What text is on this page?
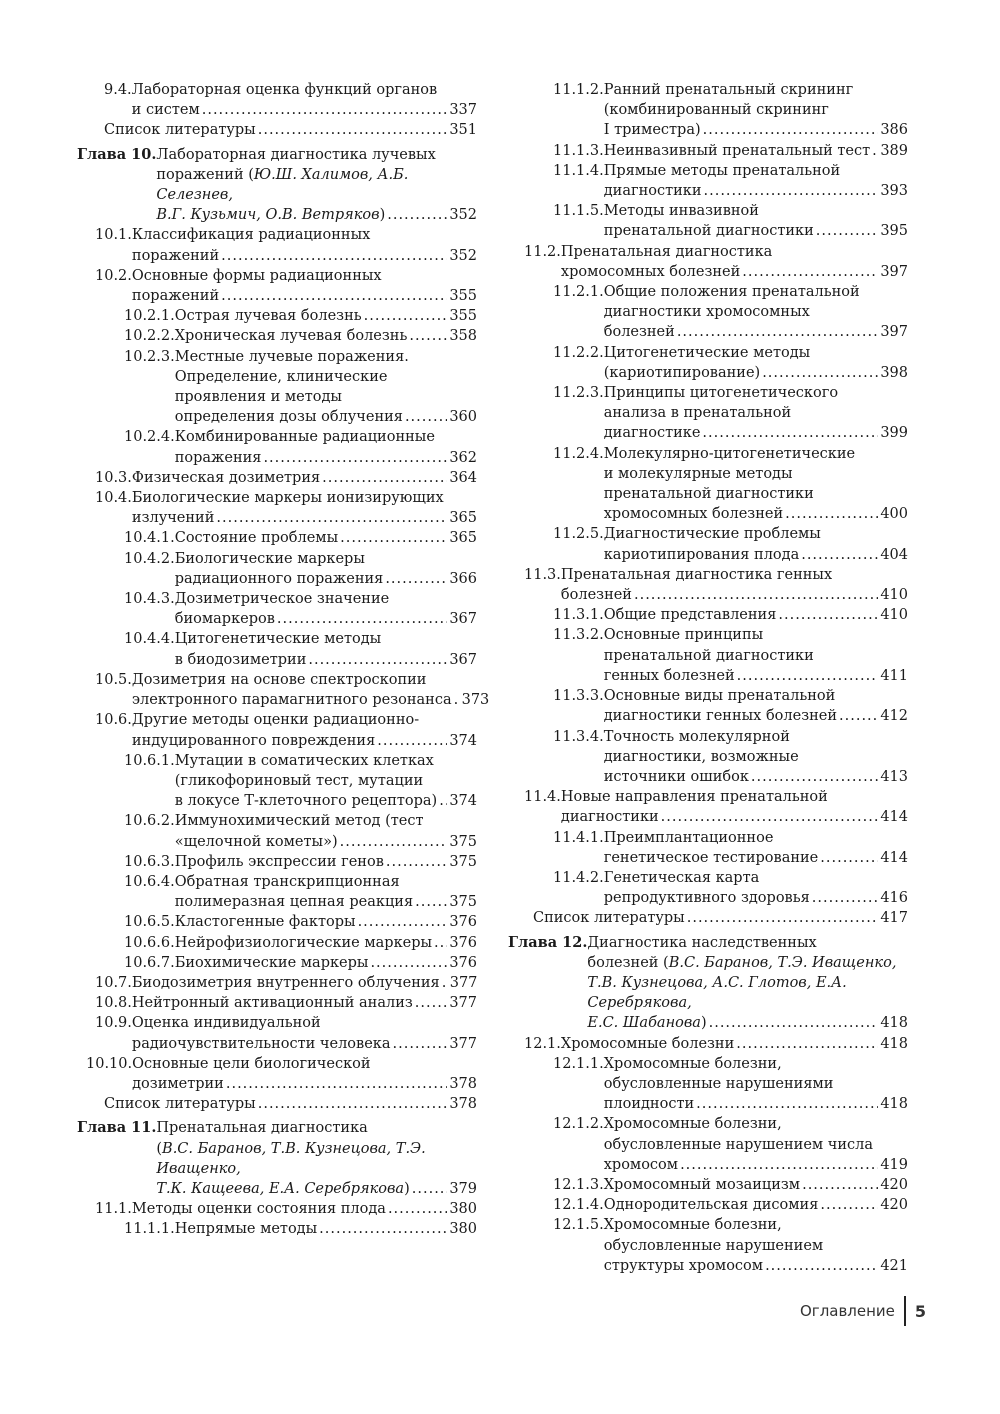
9.4. Лабораторная оценка функций органов
и систем .....	337
Список литературы .....	351
Глава 10. Лабораторная диагностика лучевых
поражений (Ю.Ш. Халимов, А.Б. Селезнев,
В.Г. Кузьмич, О.В. Ветряков) .....	352
10.1. Классификация радиационных
поражений .....	352
10.2. Основные формы радиационных
поражений .....	355
10.2.1. Острая лучевая болезнь .....	355
10.2.2. Хроническая лучевая болезнь .....	358
10.2.3. Местные лучевые поражения.
Определение, клинические
проявления и методы
определения дозы облучения .....	360
10.2.4. Комбинированные радиационные
поражения .....	362
10.3. Физическая дозиметрия .....	364
10.4. Биологические маркеры ионизирующих
излучений .....	365
10.4.1. Состояние проблемы .....	365
10.4.2. Биологические маркеры
радиационного поражения .....	366
10.4.3. Дозиметрическое значение
биомаркеров .....	367
10.4.4. Цитогенетические методы
в биодозиметрии .....	367
10.5. Дозиметрия на основе спектроскопии
электронного парамагнитного резонанса ..... 373
10.6. Другие методы оценки радиационно-
индуцированного повреждения .....	374
10.6.1. Мутации в соматических клетках
(гликофориновый тест, мутации
в локусе Т-клеточного рецептора) ..... 374
10.6.2. Иммунохимический метод (тест
«щелочной кометы») .....	375
10.6.3. Профиль экспрессии генов .....	375
10.6.4. Обратная транскрипционная
полимеразная цепная реакция ..... 375
10.6.5. Кластогенные факторы .....	376
10.6.6. Нейрофизиологические маркеры ..... 376
10.6.7. Биохимические маркеры .....	376
10.7. Биодозиметрия внутреннего облучения ..... 377
10.8. Нейтронный активационный анализ .....	377
10.9. Оценка индивидуальной
радиочувствительности человека .....	377
10.10. Основные цели биологической
дозиметрии .....	378
Список литературы .....	378
Глава 11. Пренатальная диагностика
(В.С. Баранов, Т.В. Кузнецова, Т.Э. Иващенко,
Т.К. Кащеева, Е.А. Серебрякова) .....	379
11.1. Методы оценки состояния плода .....	380
11.1.1. Непрямые методы .....	380
11.1.2. Ранний пренатальный скрининг
(комбинированный скрининг
I триместра) .....	386
11.1.3. Неинвазивный пренатальный тест ..... 389
11.1.4. Прямые методы пренатальной
диагностики .....	393
11.1.5. Методы инвазивной
пренатальной диагностики .....	395
11.2. Пренатальная диагностика
хромосомных болезней .....	397
11.2.1. Общие положения пренатальной
диагностики хромосомных
болезней .....	397
11.2.2. Цитогенетические методы
(кариотипирование) .....	398
11.2.3. Принципы цитогенетического
анализа в пренатальной
диагностике .....	399
11.2.4. Молекулярно-цитогенетические
и молекулярные методы
пренатальной диагностики
хромосомных болезней .....	400
11.2.5. Диагностические проблемы
кариотипирования плода .....	404
11.3. Пренатальная диагностика генных
болезней .....	410
11.3.1. Общие представления .....	410
11.3.2. Основные принципы
пренатальной диагностики
генных болезней .....	411
11.3.3. Основные виды пренатальной
диагностики генных болезней .....	412
11.3.4. Точность молекулярной
диагностики, возможные
источники ошибок .....	413
11.4. Новые направления пренатальной
диагностики .....	414
11.4.1. Преимплантационное
генетическое тестирование .....	414
11.4.2. Генетическая карта
репродуктивного здоровья .....	416
Список литературы .....	417
Глава 12. Диагностика наследственных
болезней (В.С. Баранов, Т.Э. Иващенко,
Т.В. Кузнецова, А.С. Глотов, Е.А. Серебрякова,
Е.С. Шабанова) .....	418
12.1. Хромосомные болезни .....	418
12.1.1. Хромосомные болезни,
обусловленные нарушениями
плоидности .....	418
12.1.2. Хромосомные болезни,
обусловленные нарушением числа
хромосом .....	419
12.1.3. Хромосомный мозаицизм .....	420
12.1.4. Однородительская дисомия .....	420
12.1.5. Хромосомные болезни,
обусловленные нарушением
структуры хромосом .....	421
Оглавление 5
